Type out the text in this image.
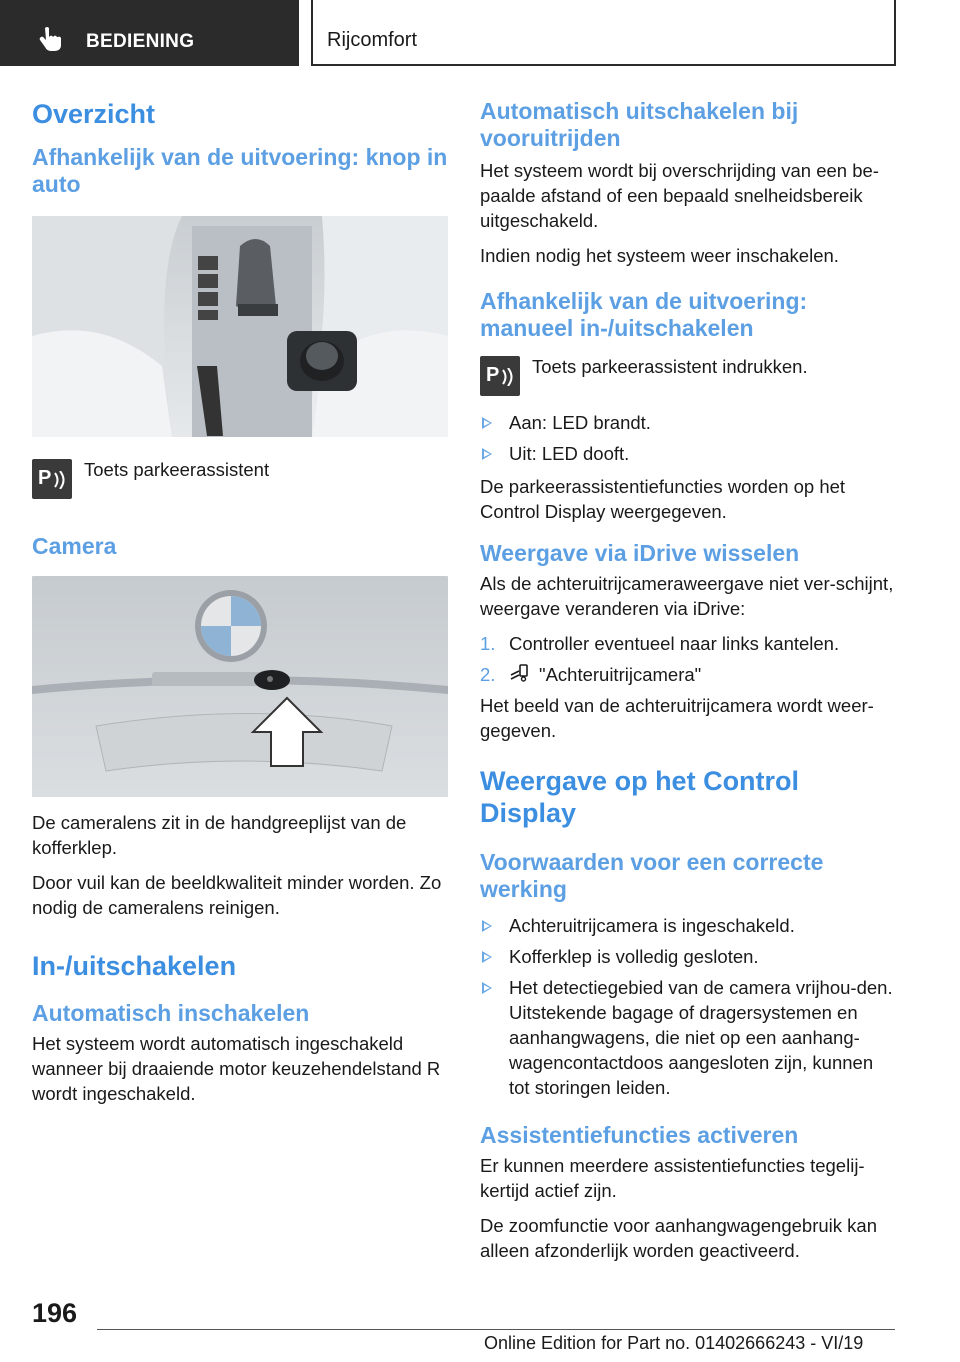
BEDIENING	Rijcomfort
Overzicht
Afhankelijk van de uitvoering: knop in auto
P Toets parkeerassistent
Camera

De cameralens zit in de handgreeplijst van de kofferklep.

Door vuil kan de beeldkwaliteit minder worden. Zo nodig de cameralens reinigen.

In-/uitschakelen
Automatisch inschakelen

Het systeem wordt automatisch ingeschakeld wanneer bij draaiende motor keuzehendelstand R wordt ingeschakeld.

Automatisch uitschakelen bij vooruitrijden

Het systeem wordt bij overschrijding van een be-paalde afstand of een bepaald snelheidsbereik uitgeschakeld.

Indien nodig het systeem weer inschakelen.

Afhankelijk van de uitvoering: manueel in-/uitschakelen
P Toets parkeerassistent indrukken.
Aan: LED brandt.
Uit: LED dooft.

De parkeerassistentiefuncties worden op het Control Display weergegeven.

Weergave via iDrive wisselen

Als de achteruitrijcameraweergave niet ver-schijnt, weergave veranderen via iDrive:

1. Controller eventueel naar links kantelen.
2. "Achteruitrijcamera"

Het beeld van de achteruitrijcamera wordt weer-gegeven.

Weergave op het Control Display
Voorwaarden voor een correcte werking
Achteruitrijcamera is ingeschakeld.
Kofferklep is volledig gesloten.
Het detectiegebied van de camera vrijhou-den. Uitstekende bagage of dragersystemen en aanhangwagens, die niet op een aanhang-wagencontactdoos aangesloten zijn, kunnen tot storingen leiden.
Assistentiefuncties activeren

Er kunnen meerdere assistentiefuncties tegelij-kertijd actief zijn.

De zoomfunctie voor aanhangwagengebruik kan alleen afzonderlijk worden geactiveerd.

196
Online Edition for Part no. 01402666243 - VI/19
